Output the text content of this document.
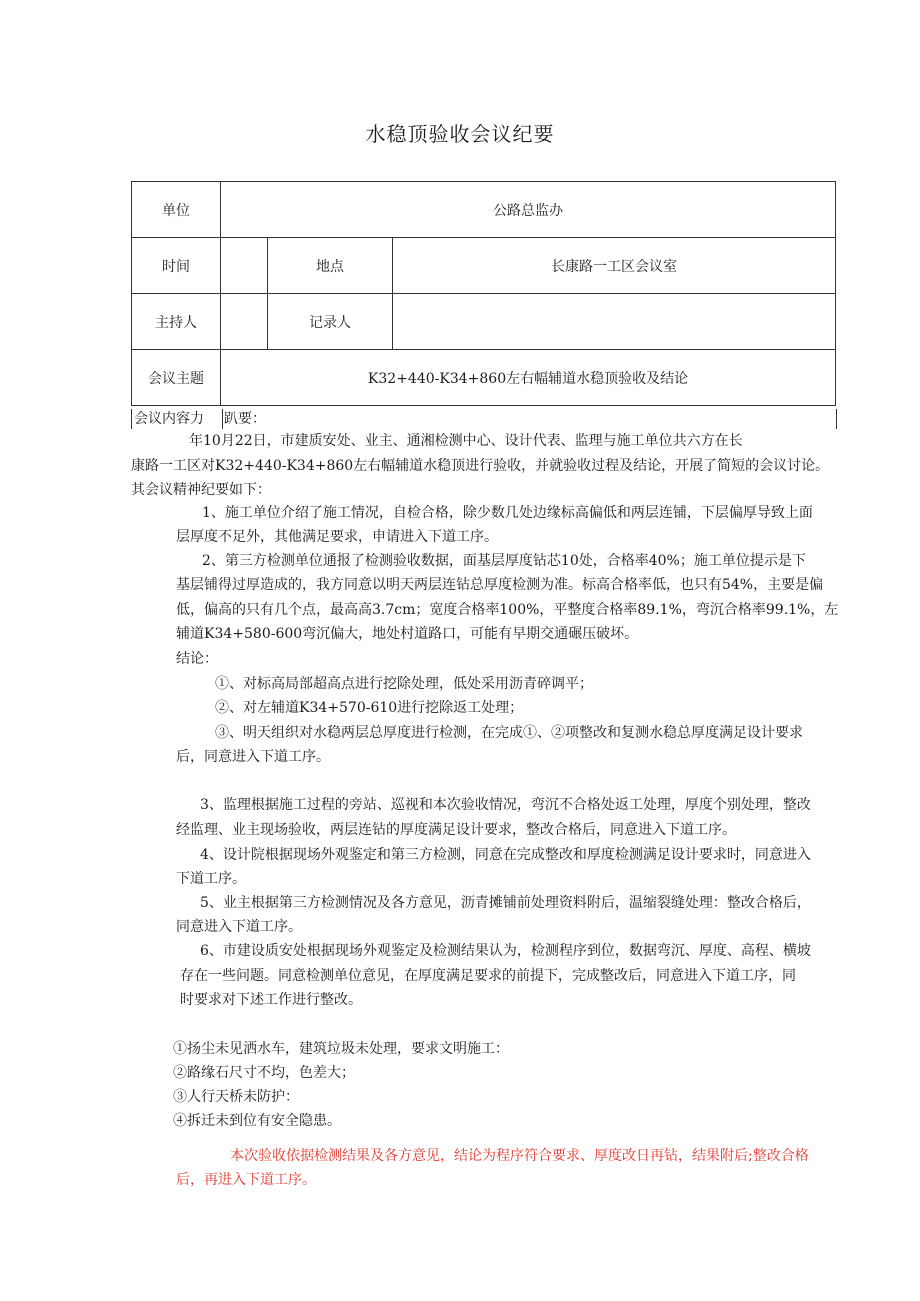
水稳顶验收会议纪要
单位	公路总监办		
时间		地点	长康路一工区会议室
主持人		记录人	
会议主题	K32+440-K34+860左右幅辅道水稳顶验收及结论		
会议内容力 趴要：
年10月22日，市建质安处、业主、通湘检测中心、设计代表、监理与施工单位共六方在长
康路一工区对K32+440-K34+860左右幅辅道水稳顶进行验收，并就验收过程及结论，开展了简短的会议讨论。
其会议精神纪要如下：
1、施工单位介绍了施工情况，自检合格，除少数几处边缘标高偏低和两层连铺，下层偏厚导致上面
层厚度不足外，其他满足要求，申请进入下道工序。
2、第三方检测单位通报了检测验收数据，面基层厚度钻芯10处，合格率40%；施工单位提示是下
基层铺得过厚造成的，我方同意以明天两层连钻总厚度检测为准。标高合格率低，也只有54%，主要是偏
低，偏高的只有几个点，最高高3.7cm；宽度合格率100%，平整度合格率89.1%，弯沉合格率99.1%，左
辅道K34+580-600弯沉偏大，地处村道路口，可能有早期交通碾压破坏。
结论：
①、对标高局部超高点进行挖除处理，低处采用沥青碎调平；
②、对左辅道K34+570-610进行挖除返工处理；
③、明天组织对水稳两层总厚度进行检测，在完成①、②项整改和复测水稳总厚度满足设计要求
后，同意进入下道工序。
3、监理根据施工过程的旁站、巡视和本次验收情况，弯沉不合格处返工处理，厚度个别处理，整改
经监理、业主现场验收，两层连钻的厚度满足设计要求，整改合格后，同意进入下道工序。
4、设计院根据现场外观鉴定和第三方检测，同意在完成整改和厚度检测满足设计要求时，同意进入
下道工序。
5、业主根据第三方检测情况及各方意见，沥青摊铺前处理资料附后，温缩裂缝处理：整改合格后，
同意进入下道工序。
6、市建设质安处根据现场外观鉴定及检测结果认为，检测程序到位，数据弯沉、厚度、高程、横坡
存在一些问题。同意检测单位意见，在厚度满足要求的前提下，完成整改后，同意进入下道工序，同
时要求对下述工作进行整改。
①扬尘未见洒水车，建筑垃圾未处理，要求文明施工：
②路缘石尺寸不均，色差大；
③人行天桥未防护：
④拆迁未到位有安全隐患。
本次验收依据检测结果及各方意见，结论为程序符合要求、厚度改日再钻，结果附后;整改合格
后，再进入下道工序。
